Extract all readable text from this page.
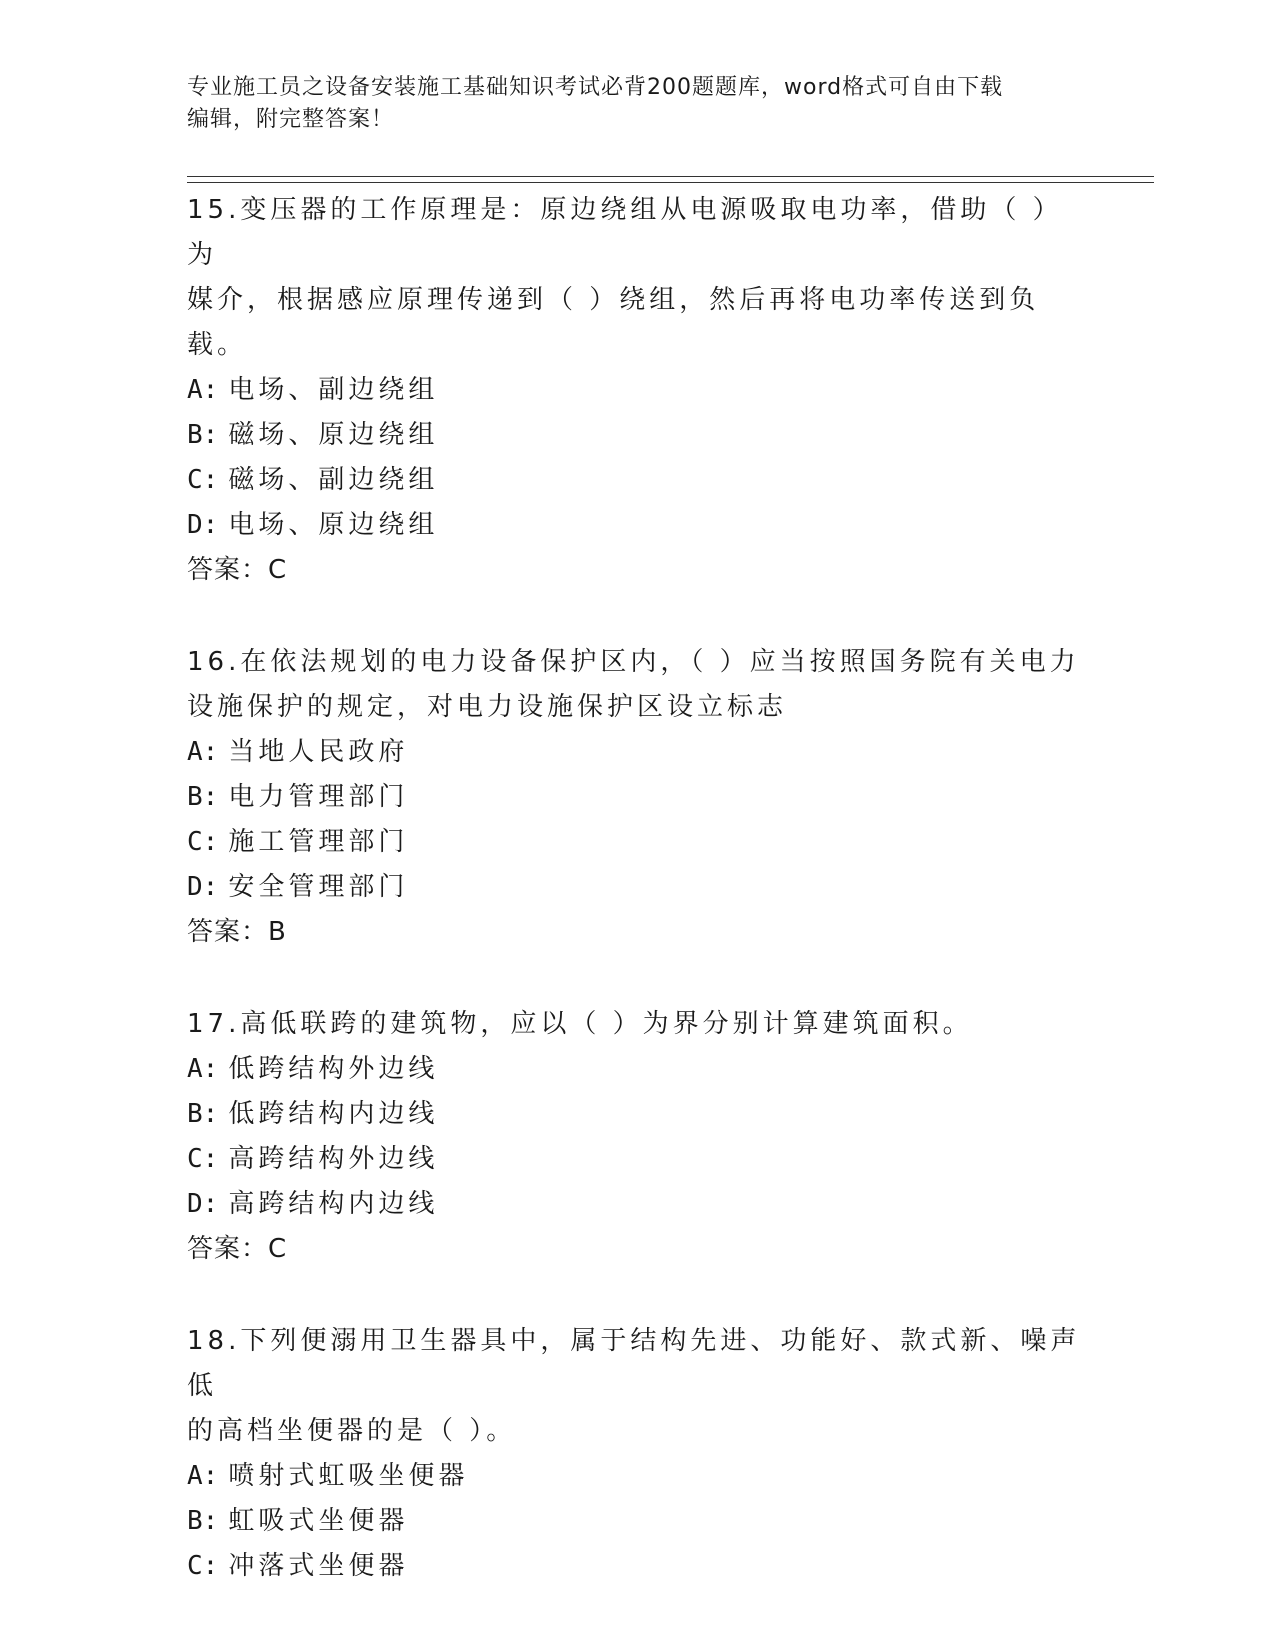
专业施工员之设备安装施工基础知识考试必背200题题库，word格式可自由下载
编辑，附完整答案！
15.变压器的工作原理是：原边绕组从电源吸取电功率，借助（ ）为
媒介，根据感应原理传递到（ ）绕组，然后再将电功率传送到负载。
A: 电场、副边绕组
B: 磁场、原边绕组
C: 磁场、副边绕组
D: 电场、原边绕组
答案：C
16.在依法规划的电力设备保护区内，（ ）应当按照国务院有关电力
设施保护的规定，对电力设施保护区设立标志
A: 当地人民政府
B: 电力管理部门
C: 施工管理部门
D: 安全管理部门
答案：B
17.高低联跨的建筑物，应以（ ）为界分别计算建筑面积。
A: 低跨结构外边线
B: 低跨结构内边线
C: 高跨结构外边线
D: 高跨结构内边线
答案：C
18.下列便溺用卫生器具中，属于结构先进、功能好、款式新、噪声低
的高档坐便器的是（ ）。
A: 喷射式虹吸坐便器
B: 虹吸式坐便器
C: 冲落式坐便器
